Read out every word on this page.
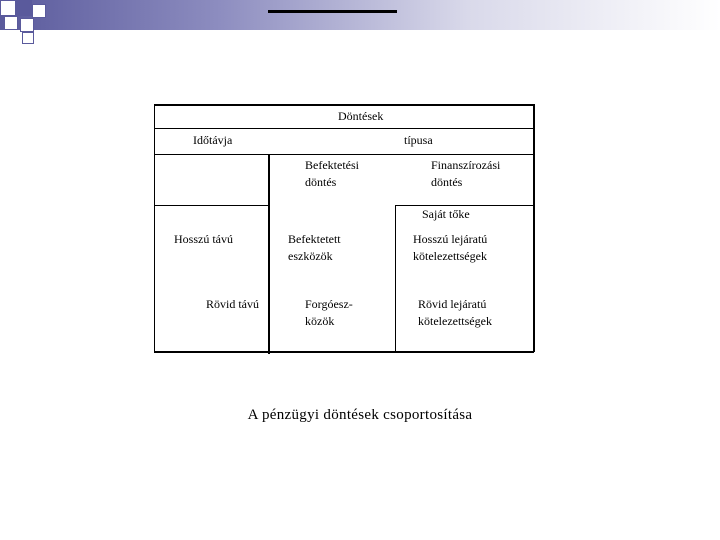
Döntések
Időtávja	típusa
Befektetési
döntés
Finanszírozási
döntés
Saját tőke
Hosszú távú
Rövid távú
Befektetett
eszközök
Hosszú lejáratú
kötelezettségek
Forgóesz-
közök
Rövid lejáratú
kötelezettségek
A pénzügyi döntések csoportosítása
